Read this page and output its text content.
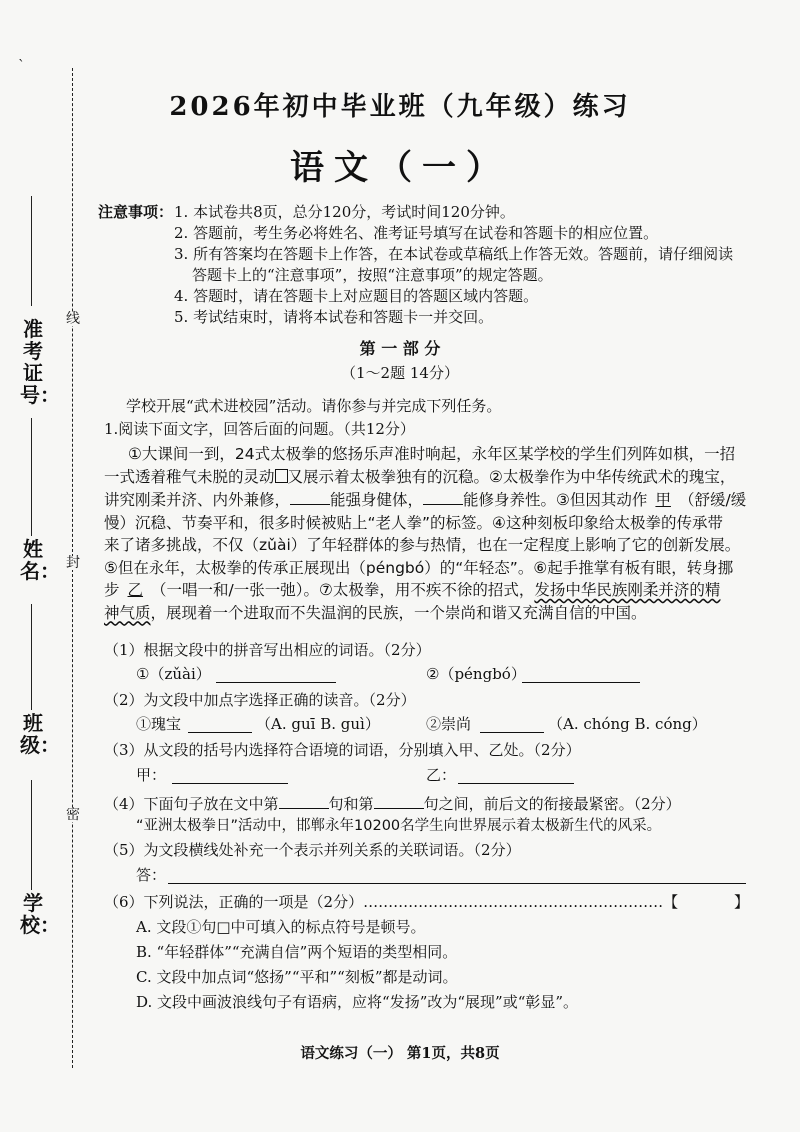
ˋ
线
封
密
准考证号：
姓名：
班级：
学校：
2026年初中毕业班（九年级）练习
语文（一）
注意事项： 1. 本试卷共8页，总分120分，考试时间120分钟。
2. 答题前，考生务必将姓名、准考证号填写在试卷和答题卡的相应位置。
3. 所有答案均在答题卡上作答，在本试卷或草稿纸上作答无效。答题前，请仔细阅读
答题卡上的“注意事项”，按照“注意事项”的规定答题。
4. 答题时，请在答题卡上对应题目的答题区域内答题。
5. 考试结束时，请将本试卷和答题卡一并交回。
第 一 部 分
（1～2题 14分）
学校开展“武术进校园”活动。请你参与并完成下列任务。
1.阅读下面文字，回答后面的问题。（共12分）

①大课间一到，24式太极拳的悠扬乐声准时响起，永年区某学校的学生们列阵如棋，一招

一式透着稚气未脱的灵动 又展示着太极拳独有的沉稳。②太极拳作为中华传统武术的瑰宝，

讲究刚柔并济、内外兼修，	能强身健体，	能修身养性。③但因其动作 甲 （舒缓/缓

慢）沉稳、节奏平和，很多时候被贴上“老人拳”的标签。④这种刻板印象给太极拳的传承带

来了诸多挑战，不仅（zǔài）了年轻群体的参与热情，也在一定程度上影响了它的创新发展。

⑤但在永年，太极拳的传承正展现出（péngbó）的“年轻态”。⑥起手推掌有板有眼，转身挪

步 乙 （一唱一和/一张一弛）。⑦太极拳，用不疾不徐的招式，发扬中华民族刚柔并济的精

神气质，展现着一个进取而不失温润的民族，一个崇尚和谐又充满自信的中国。

（1）根据文段中的拼音写出相应的词语。（2分）
①（zǔài）	②（péngbó）
（2）为文段中加点字选择正确的读音。（2分）
①瑰宝	（A. guī B. guì）	②崇尚	（A. chóng B. cóng）
（3）从文段的括号内选择符合语境的词语，分别填入甲、乙处。（2分）
甲：	乙：
（4）下面句子放在文中第	句和第	句之间，前后文的衔接最紧密。（2分）
“亚洲太极拳日”活动中，邯郸永年10200名学生向世界展示着太极新生代的风采。
（5）为文段横线处补充一个表示并列关系的关联词语。（2分）
答：
（6）下列说法，正确的一项是（2分）……………………………………………………【	】
A. 文段①句□中可填入的标点符号是顿号。
B. “年轻群体”“充满自信”两个短语的类型相同。
C. 文段中加点词“悠扬”“平和”“刻板”都是动词。
D. 文段中画波浪线句子有语病，应将“发扬”改为“展现”或“彰显”。
语文练习（一） 第1页，共8页
